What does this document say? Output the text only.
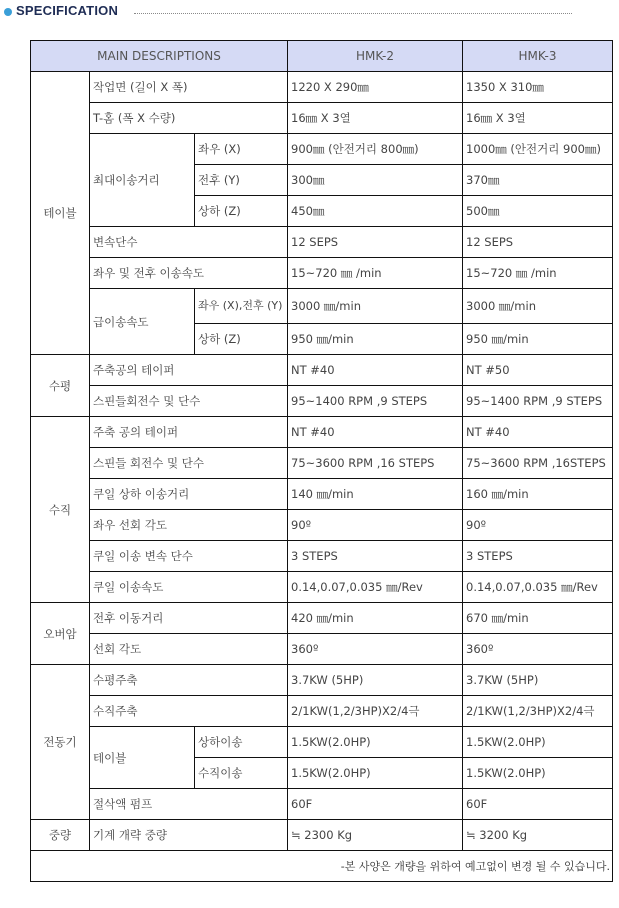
SPECIFICATION
MAIN DESCRIPTIONS			HMK-2	HMK-3
테이블	작업면 (길이 X 폭)		1220 X 290㎜	1350 X 310㎜
	T-홈 (폭 X 수량)		16㎜ X 3열	16㎜ X 3열
	최대이송거리	좌우 (X)	900㎜ (안전거리 800㎜)	1000㎜ (안전거리 900㎜)
		전후 (Y)	300㎜	370㎜
		상하 (Z)	450㎜	500㎜
	변속단수		12 SEPS	12 SEPS
	좌우 및 전후 이송속도		15~720 ㎜ /min	15~720 ㎜ /min
	급이송속도	좌우 (X),전후 (Y)	3000 ㎜/min	3000 ㎜/min
		상하 (Z)	950 ㎜/min	950 ㎜/min
수평	주축공의 테이퍼		NT #40	NT #50
	스핀들회전수 및 단수		95~1400 RPM ,9 STEPS	95~1400 RPM ,9 STEPS
수직	주축 공의 테이퍼		NT #40	NT #40
	스핀들 회전수 및 단수		75~3600 RPM ,16 STEPS	75~3600 RPM ,16STEPS
	쿠일 상하 이송거리		140 ㎜/min	160 ㎜/min
	좌우 선회 각도		90º	90º
	쿠일 이송 변속 단수		3 STEPS	3 STEPS
	쿠일 이송속도		0.14,0.07,0.035 ㎜/Rev	0.14,0.07,0.035 ㎜/Rev
오버암	전후 이동거리		420 ㎜/min	670 ㎜/min
	선회 각도		360º	360º
전동기	수평주축		3.7KW (5HP)	3.7KW (5HP)
	수직주축		2/1KW(1,2/3HP)X2/4극	2/1KW(1,2/3HP)X2/4극
	테이블	상하이송	1.5KW(2.0HP)	1.5KW(2.0HP)
		수직이송	1.5KW(2.0HP)	1.5KW(2.0HP)
	절삭액 펌프		60F	60F
중량	기계 개략 중량		≒ 2300 Kg	≒ 3200 Kg
-본 사양은 개량을 위하여 예고없이 변경 될 수 있습니다.				
